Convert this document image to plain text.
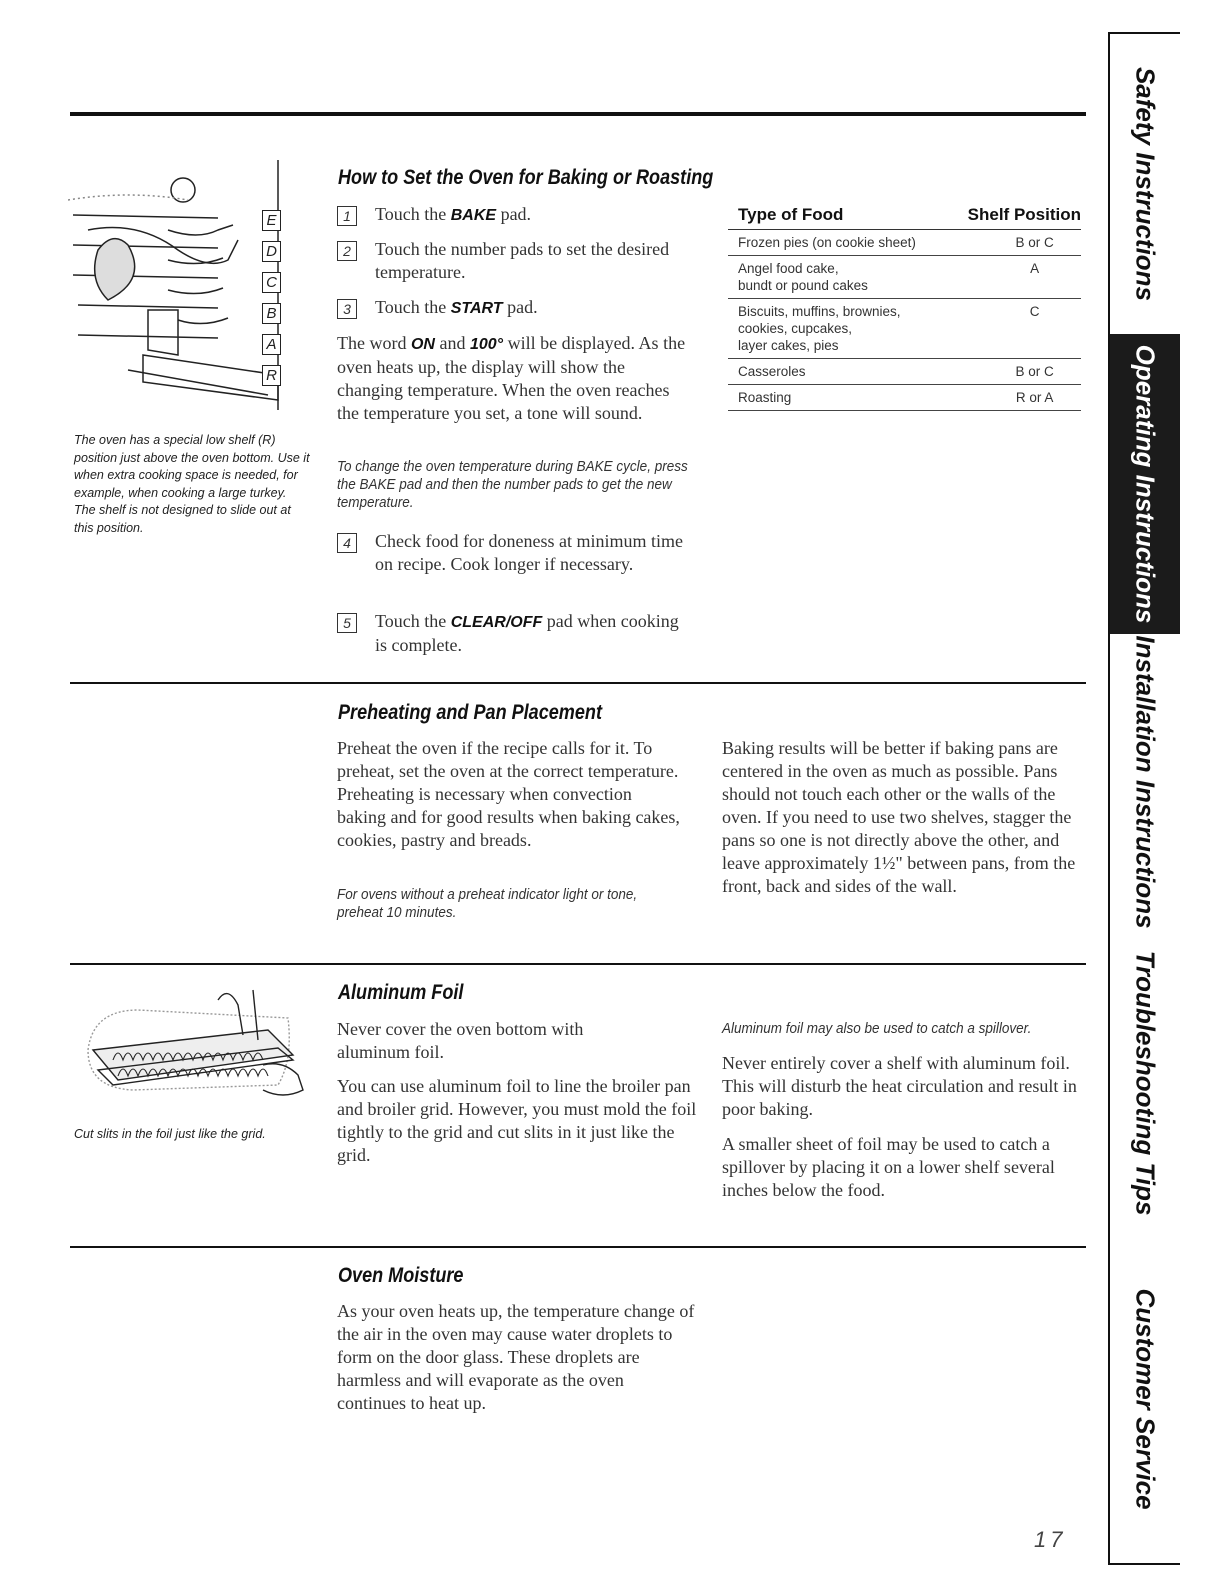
Safety Instructions
Operating Instructions
Installation Instructions
Troubleshooting Tips
Customer Service
E
D
C
B
A
R
The oven has a special low shelf (R) position just above the oven bottom. Use it when extra cooking space is needed, for example, when cooking a large turkey. The shelf is not designed to slide out at this position.
How to Set the Oven for Baking or Roasting
1	Touch the BAKE pad.
2	Touch the number pads to set the desired temperature.
3	Touch the START pad.
The word ON and 100° will be displayed. As the oven heats up, the display will show the changing temperature. When the oven reaches the temperature you set, a tone will sound.
To change the oven temperature during BAKE cycle, press the BAKE pad and then the number pads to get the new temperature.
4	Check food for doneness at minimum time on recipe. Cook longer if necessary.
5	Touch the CLEAR/OFF pad when cooking is complete.
Type of Food	Shelf Position
Frozen pies (on cookie sheet)	B or C
Angel food cake,
bundt or pound cakes	A
Biscuits, muffins, brownies,
cookies, cupcakes,
layer cakes, pies	C
Casseroles	B or C
Roasting	R or A
Preheating and Pan Placement
Preheat the oven if the recipe calls for it. To preheat, set the oven at the correct temperature. Preheating is necessary when convection baking and for good results when baking cakes, cookies, pastry and breads.
For ovens without a preheat indicator light or tone, preheat 10 minutes.
Baking results will be better if baking pans are centered in the oven as much as possible. Pans should not touch each other or the walls of the oven. If you need to use two shelves, stagger the pans so one is not directly above the other, and leave approximately 1½" between pans, from the front, back and sides of the wall.
Cut slits in the foil just like the grid.
Aluminum Foil
Never cover the oven bottom with aluminum foil.
You can use aluminum foil to line the broiler pan and broiler grid. However, you must mold the foil tightly to the grid and cut slits in it just like the grid.
Aluminum foil may also be used to catch a spillover.
Never entirely cover a shelf with aluminum foil. This will disturb the heat circulation and result in poor baking.
A smaller sheet of foil may be used to catch a spillover by placing it on a lower shelf several inches below the food.
Oven Moisture
As your oven heats up, the temperature change of the air in the oven may cause water droplets to form on the door glass. These droplets are harmless and will evaporate as the oven continues to heat up.
17
